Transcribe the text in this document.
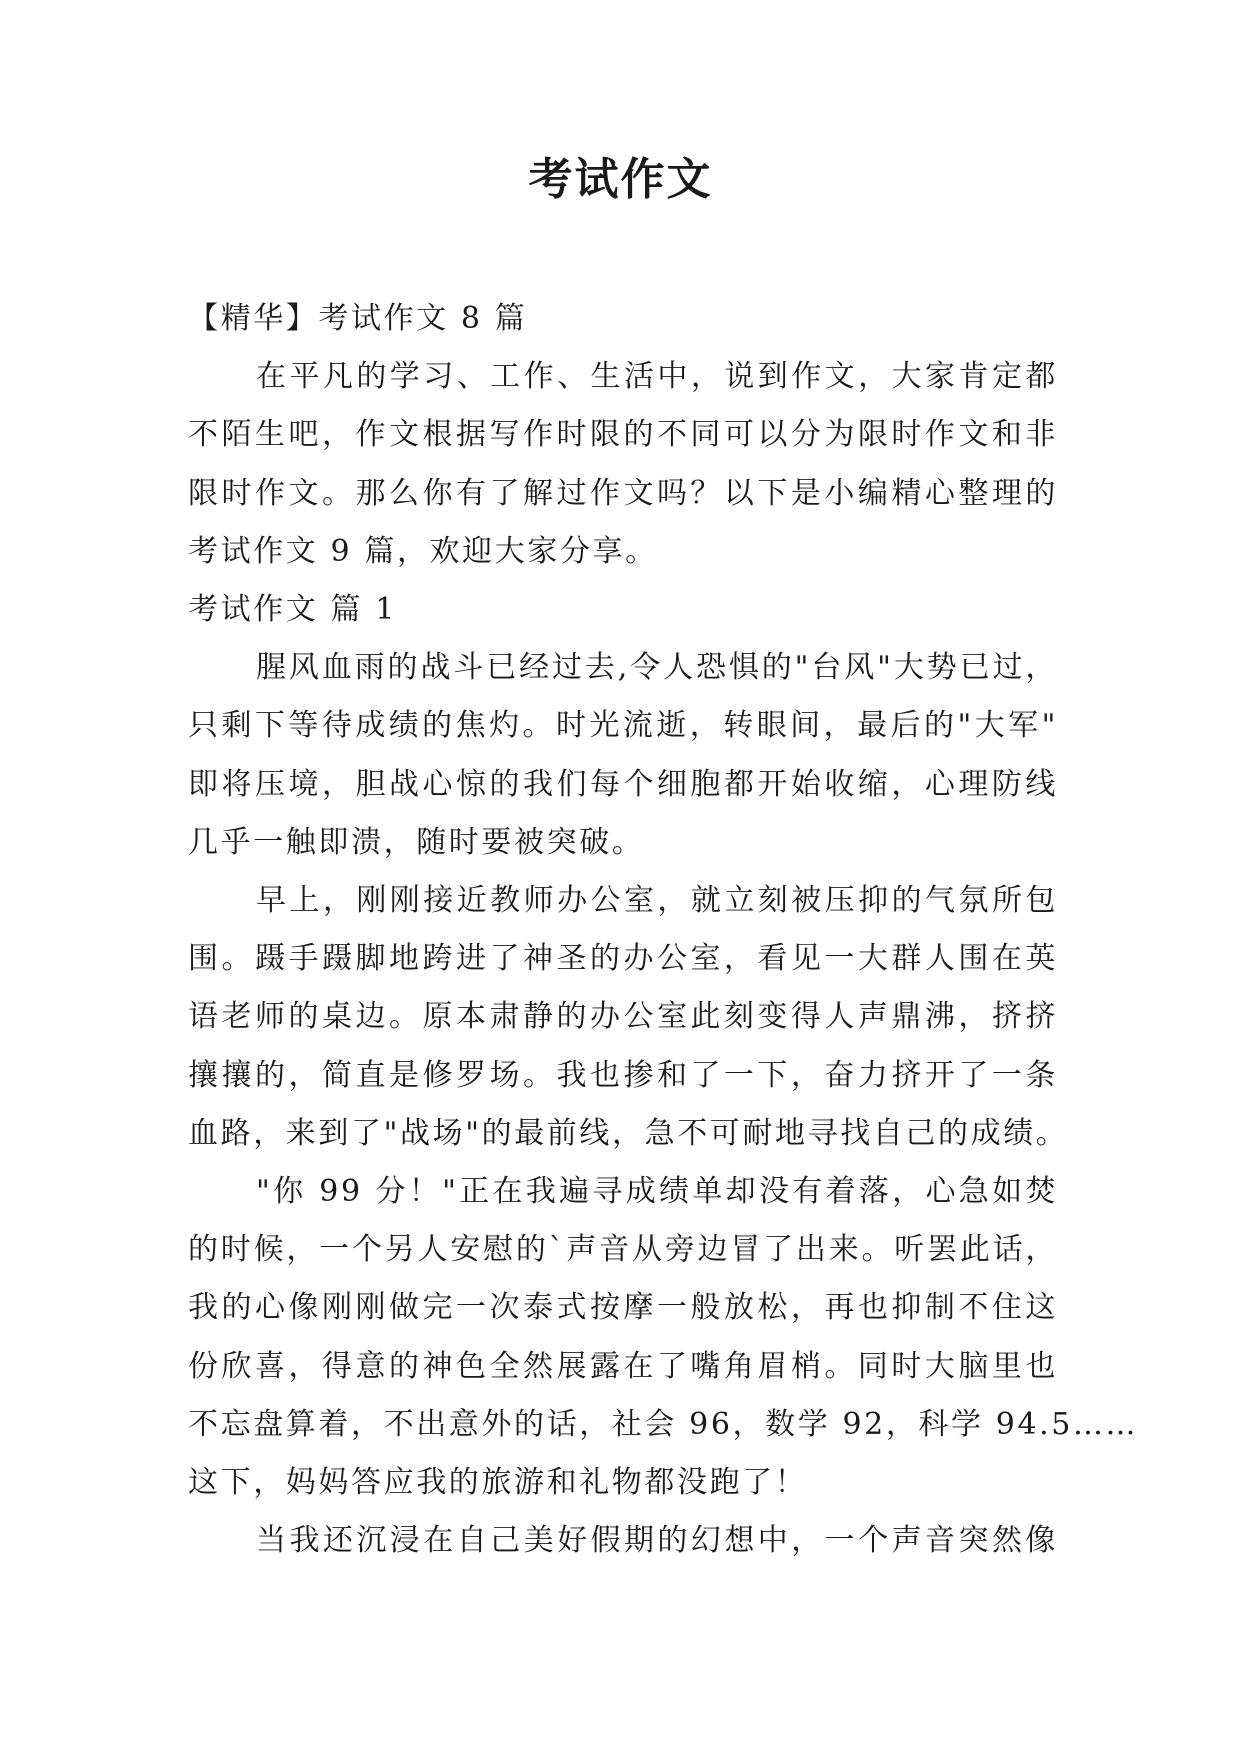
考试作文

【精华】考试作文 8 篇

在平凡的学习、工作、生活中，说到作文，大家肯定都

不陌生吧，作文根据写作时限的不同可以分为限时作文和非

限时作文。那么你有了解过作文吗？以下是小编精心整理的

考试作文 9 篇，欢迎大家分享。

考试作文 篇 1

腥风血雨的战斗已经过去,令人恐惧的"台风"大势已过，

只剩下等待成绩的焦灼。时光流逝，转眼间，最后的"大军"

即将压境，胆战心惊的我们每个细胞都开始收缩，心理防线

几乎一触即溃，随时要被突破。

早上，刚刚接近教师办公室，就立刻被压抑的气氛所包

围。蹑手蹑脚地跨进了神圣的办公室，看见一大群人围在英

语老师的桌边。原本肃静的办公室此刻变得人声鼎沸，挤挤

攘攘的，简直是修罗场。我也掺和了一下，奋力挤开了一条

血路，来到了"战场"的最前线，急不可耐地寻找自己的成绩。

"你 99 分！"正在我遍寻成绩单却没有着落，心急如焚

的时候，一个另人安慰的`声音从旁边冒了出来。听罢此话，

我的心像刚刚做完一次泰式按摩一般放松，再也抑制不住这

份欣喜，得意的神色全然展露在了嘴角眉梢。同时大脑里也

不忘盘算着，不出意外的话，社会 96，数学 92，科学 94.5……

这下，妈妈答应我的旅游和礼物都没跑了！

当我还沉浸在自己美好假期的幻想中，一个声音突然像
